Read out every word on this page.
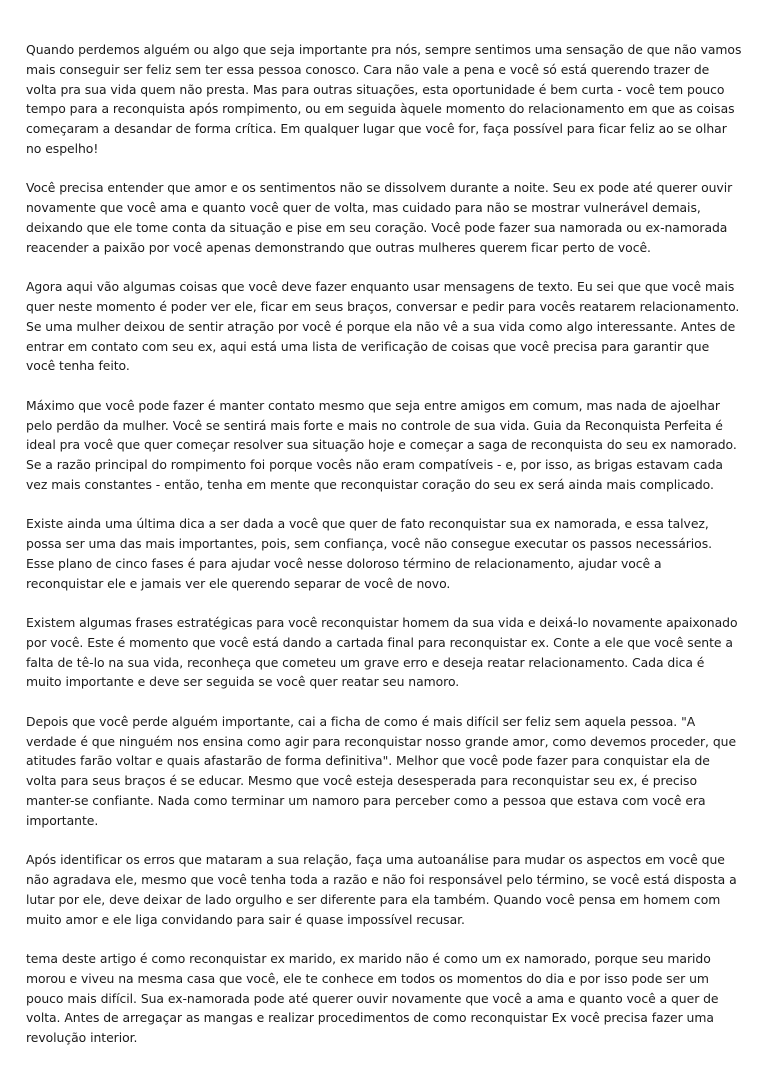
Quando perdemos alguém ou algo que seja importante pra nós, sempre sentimos uma sensação de que não vamos mais conseguir ser feliz sem ter essa pessoa conosco. Cara não vale a pena e você só está querendo trazer de volta pra sua vida quem não presta. Mas para outras situações, esta oportunidade é bem curta - você tem pouco tempo para a reconquista após rompimento, ou em seguida àquele momento do relacionamento em que as coisas começaram a desandar de forma crítica. Em qualquer lugar que você for, faça possível para ficar feliz ao se olhar no espelho!

Você precisa entender que amor e os sentimentos não se dissolvem durante a noite. Seu ex pode até querer ouvir novamente que você ama e quanto você quer de volta, mas cuidado para não se mostrar vulnerável demais, deixando que ele tome conta da situação e pise em seu coração. Você pode fazer sua namorada ou ex-namorada reacender a paixão por você apenas demonstrando que outras mulheres querem ficar perto de você.

Agora aqui vão algumas coisas que você deve fazer enquanto usar mensagens de texto. Eu sei que que você mais quer neste momento é poder ver ele, ficar em seus braços, conversar e pedir para vocês reatarem relacionamento. Se uma mulher deixou de sentir atração por você é porque ela não vê a sua vida como algo interessante. Antes de entrar em contato com seu ex, aqui está uma lista de verificação de coisas que você precisa para garantir que você tenha feito.

Máximo que você pode fazer é manter contato mesmo que seja entre amigos em comum, mas nada de ajoelhar pelo perdão da mulher. Você se sentirá mais forte e mais no controle de sua vida. Guia da Reconquista Perfeita é ideal pra você que quer começar resolver sua situação hoje e começar a saga de reconquista do seu ex namorado. Se a razão principal do rompimento foi porque vocês não eram compatíveis - e, por isso, as brigas estavam cada vez mais constantes - então, tenha em mente que reconquistar coração do seu ex será ainda mais complicado.

Existe ainda uma última dica a ser dada a você que quer de fato reconquistar sua ex namorada, e essa talvez, possa ser uma das mais importantes, pois, sem confiança, você não consegue executar os passos necessários. Esse plano de cinco fases é para ajudar você nesse doloroso término de relacionamento, ajudar você a reconquistar ele e jamais ver ele querendo separar de você de novo.

Existem algumas frases estratégicas para você reconquistar homem da sua vida e deixá-lo novamente apaixonado por você. Este é momento que você está dando a cartada final para reconquistar ex. Conte a ele que você sente a falta de tê-lo na sua vida, reconheça que cometeu um grave erro e deseja reatar relacionamento. Cada dica é muito importante e deve ser seguida se você quer reatar seu namoro.

Depois que você perde alguém importante, cai a ficha de como é mais difícil ser feliz sem aquela pessoa. "A verdade é que ninguém nos ensina como agir para reconquistar nosso grande amor, como devemos proceder, que atitudes farão voltar e quais afastarão de forma definitiva". Melhor que você pode fazer para conquistar ela de volta para seus braços é se educar. Mesmo que você esteja desesperada para reconquistar seu ex, é preciso manter-se confiante. Nada como terminar um namoro para perceber como a pessoa que estava com você era importante.

Após identificar os erros que mataram a sua relação, faça uma autoanálise para mudar os aspectos em você que não agradava ele, mesmo que você tenha toda a razão e não foi responsável pelo término, se você está disposta a lutar por ele, deve deixar de lado orgulho e ser diferente para ela também. Quando você pensa em homem com muito amor e ele liga convidando para sair é quase impossível recusar.

tema deste artigo é como reconquistar ex marido, ex marido não é como um ex namorado, porque seu marido morou e viveu na mesma casa que você, ele te conhece em todos os momentos do dia e por isso pode ser um pouco mais difícil. Sua ex-namorada pode até querer ouvir novamente que você a ama e quanto você a quer de volta. Antes de arregaçar as mangas e realizar procedimentos de como reconquistar Ex você precisa fazer uma revolução interior.
